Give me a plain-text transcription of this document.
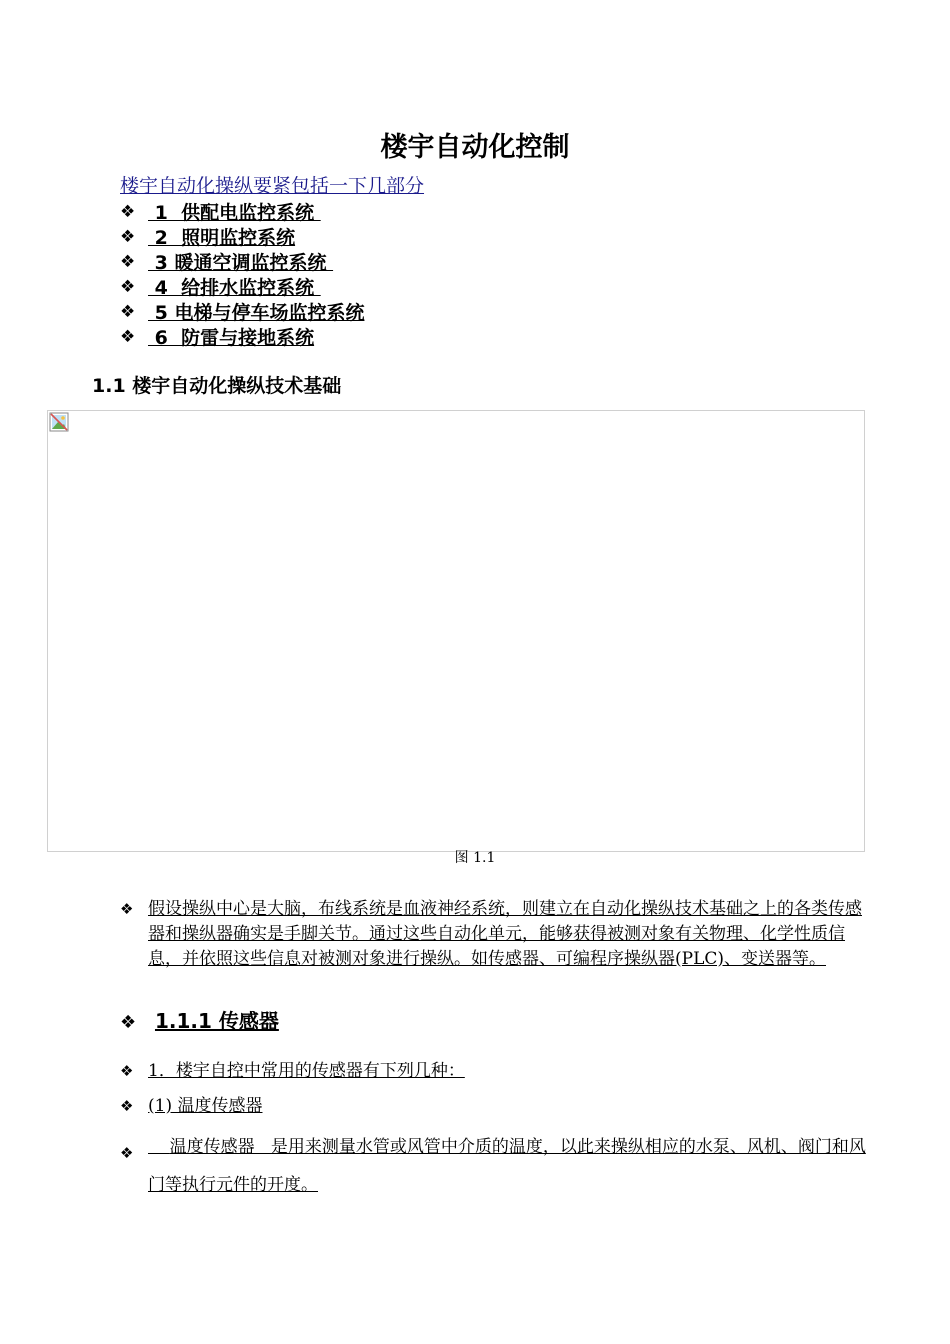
楼宇自动化控制
楼宇自动化操纵要紧包括一下几部分
❖ 1  供配电监控系统
❖ 2  照明监控系统
❖ 3 暖通空调监控系统
❖ 4  给排水监控系统
❖ 5 电梯与停车场监控系统
❖ 6  防雷与接地系统
1.1 楼宇自动化操纵技术基础
图 1.1
❖ 假设操纵中心是大脑，布线系统是血液神经系统，则建立在自动化操纵技术基础之上的各类传感器和操纵器确实是手脚关节。通过这些自动化单元，能够获得被测对象有关物理、化学性质信息，并依照这些信息对被测对象进行操纵。如传感器、可编程序操纵器(PLC)、变送器等。
❖ 1.1.1 传感器
❖ 1．楼宇自控中常用的传感器有下列几种：
❖ (1) 温度传感器
❖ 温度传感器   是用来测量水管或风管中介质的温度，以此来操纵相应的水泵、风机、阀门和风门等执行元件的开度。
